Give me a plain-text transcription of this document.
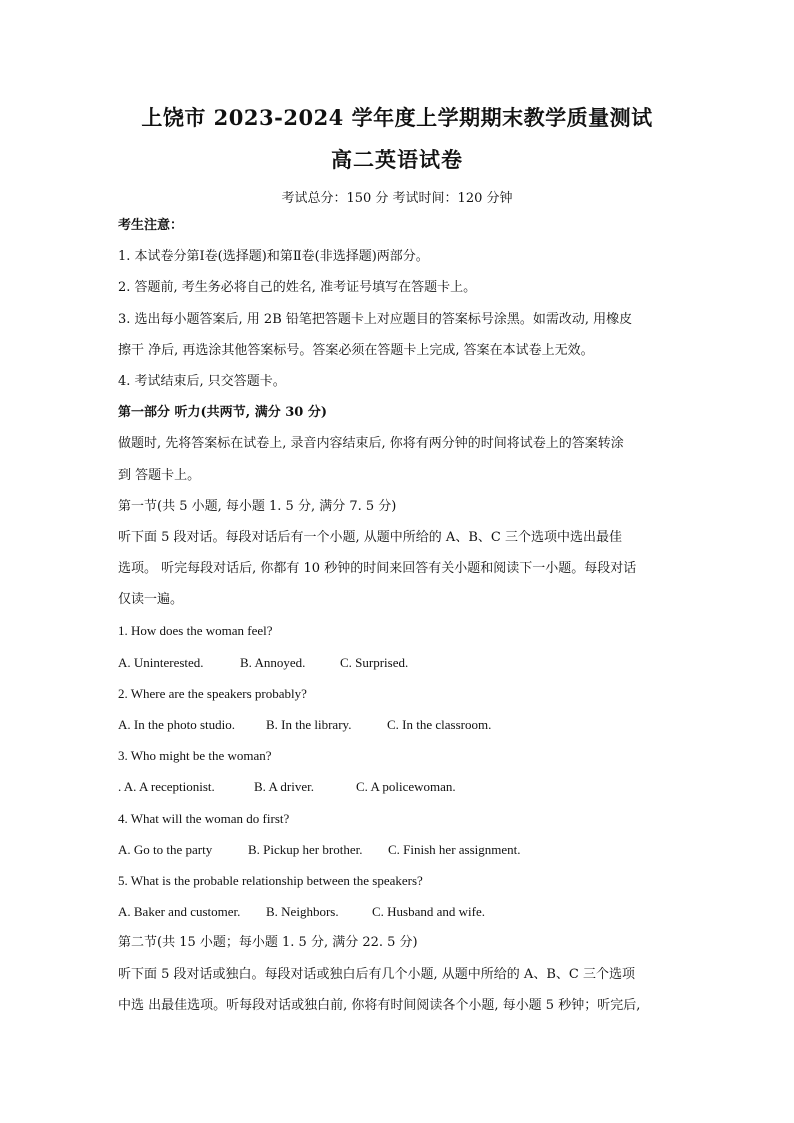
上饶市 2023-2024 学年度上学期期末教学质量测试
高二英语试卷
考试总分：150 分 考试时间：120 分钟
考生注意：
1. 本试卷分第Ⅰ卷(选择题)和第Ⅱ卷(非选择题)两部分。
2. 答题前, 考生务必将自己的姓名, 准考证号填写在答题卡上。
3. 选出每小题答案后, 用 2B 铅笔把答题卡上对应题目的答案标号涂黑。如需改动, 用橡皮
擦干 净后, 再选涂其他答案标号。答案必须在答题卡上完成, 答案在本试卷上无效。
4. 考试结束后, 只交答题卡。
第一部分 听力(共两节, 满分 30 分)
做题时, 先将答案标在试卷上, 录音内容结束后, 你将有两分钟的时间将试卷上的答案转涂
到 答题卡上。
第一节(共 5 小题, 每小题 1. 5 分, 满分 7. 5 分)
听下面 5 段对话。每段对话后有一个小题, 从题中所给的 A、B、C 三个选项中选出最佳
选项。 听完每段对话后, 你都有 10 秒钟的时间来回答有关小题和阅读下一小题。每段对话
仅读一遍。
1. How does the woman feel?
A. Uninterested.	B. Annoyed.	C. Surprised.
2. Where are the speakers probably?
A. In the photo studio. B. In the library.	C. In the classroom.
3. Who might be the woman?
. A. A receptionist.	B. A driver.	C. A policewoman.
4. What will the woman do first?
A. Go to the party	B. Pickup her brother. C. Finish her assignment.
5. What is the probable relationship between the speakers?
A. Baker and customer. B. Neighbors.	C. Husband and wife.
第二节(共 15 小题；每小题 1. 5 分, 满分 22. 5 分)
听下面 5 段对话或独白。每段对话或独白后有几个小题, 从题中所给的 A、B、C 三个选项
中选 出最佳选项。听每段对话或独白前, 你将有时间阅读各个小题, 每小题 5 秒钟；听完后,
